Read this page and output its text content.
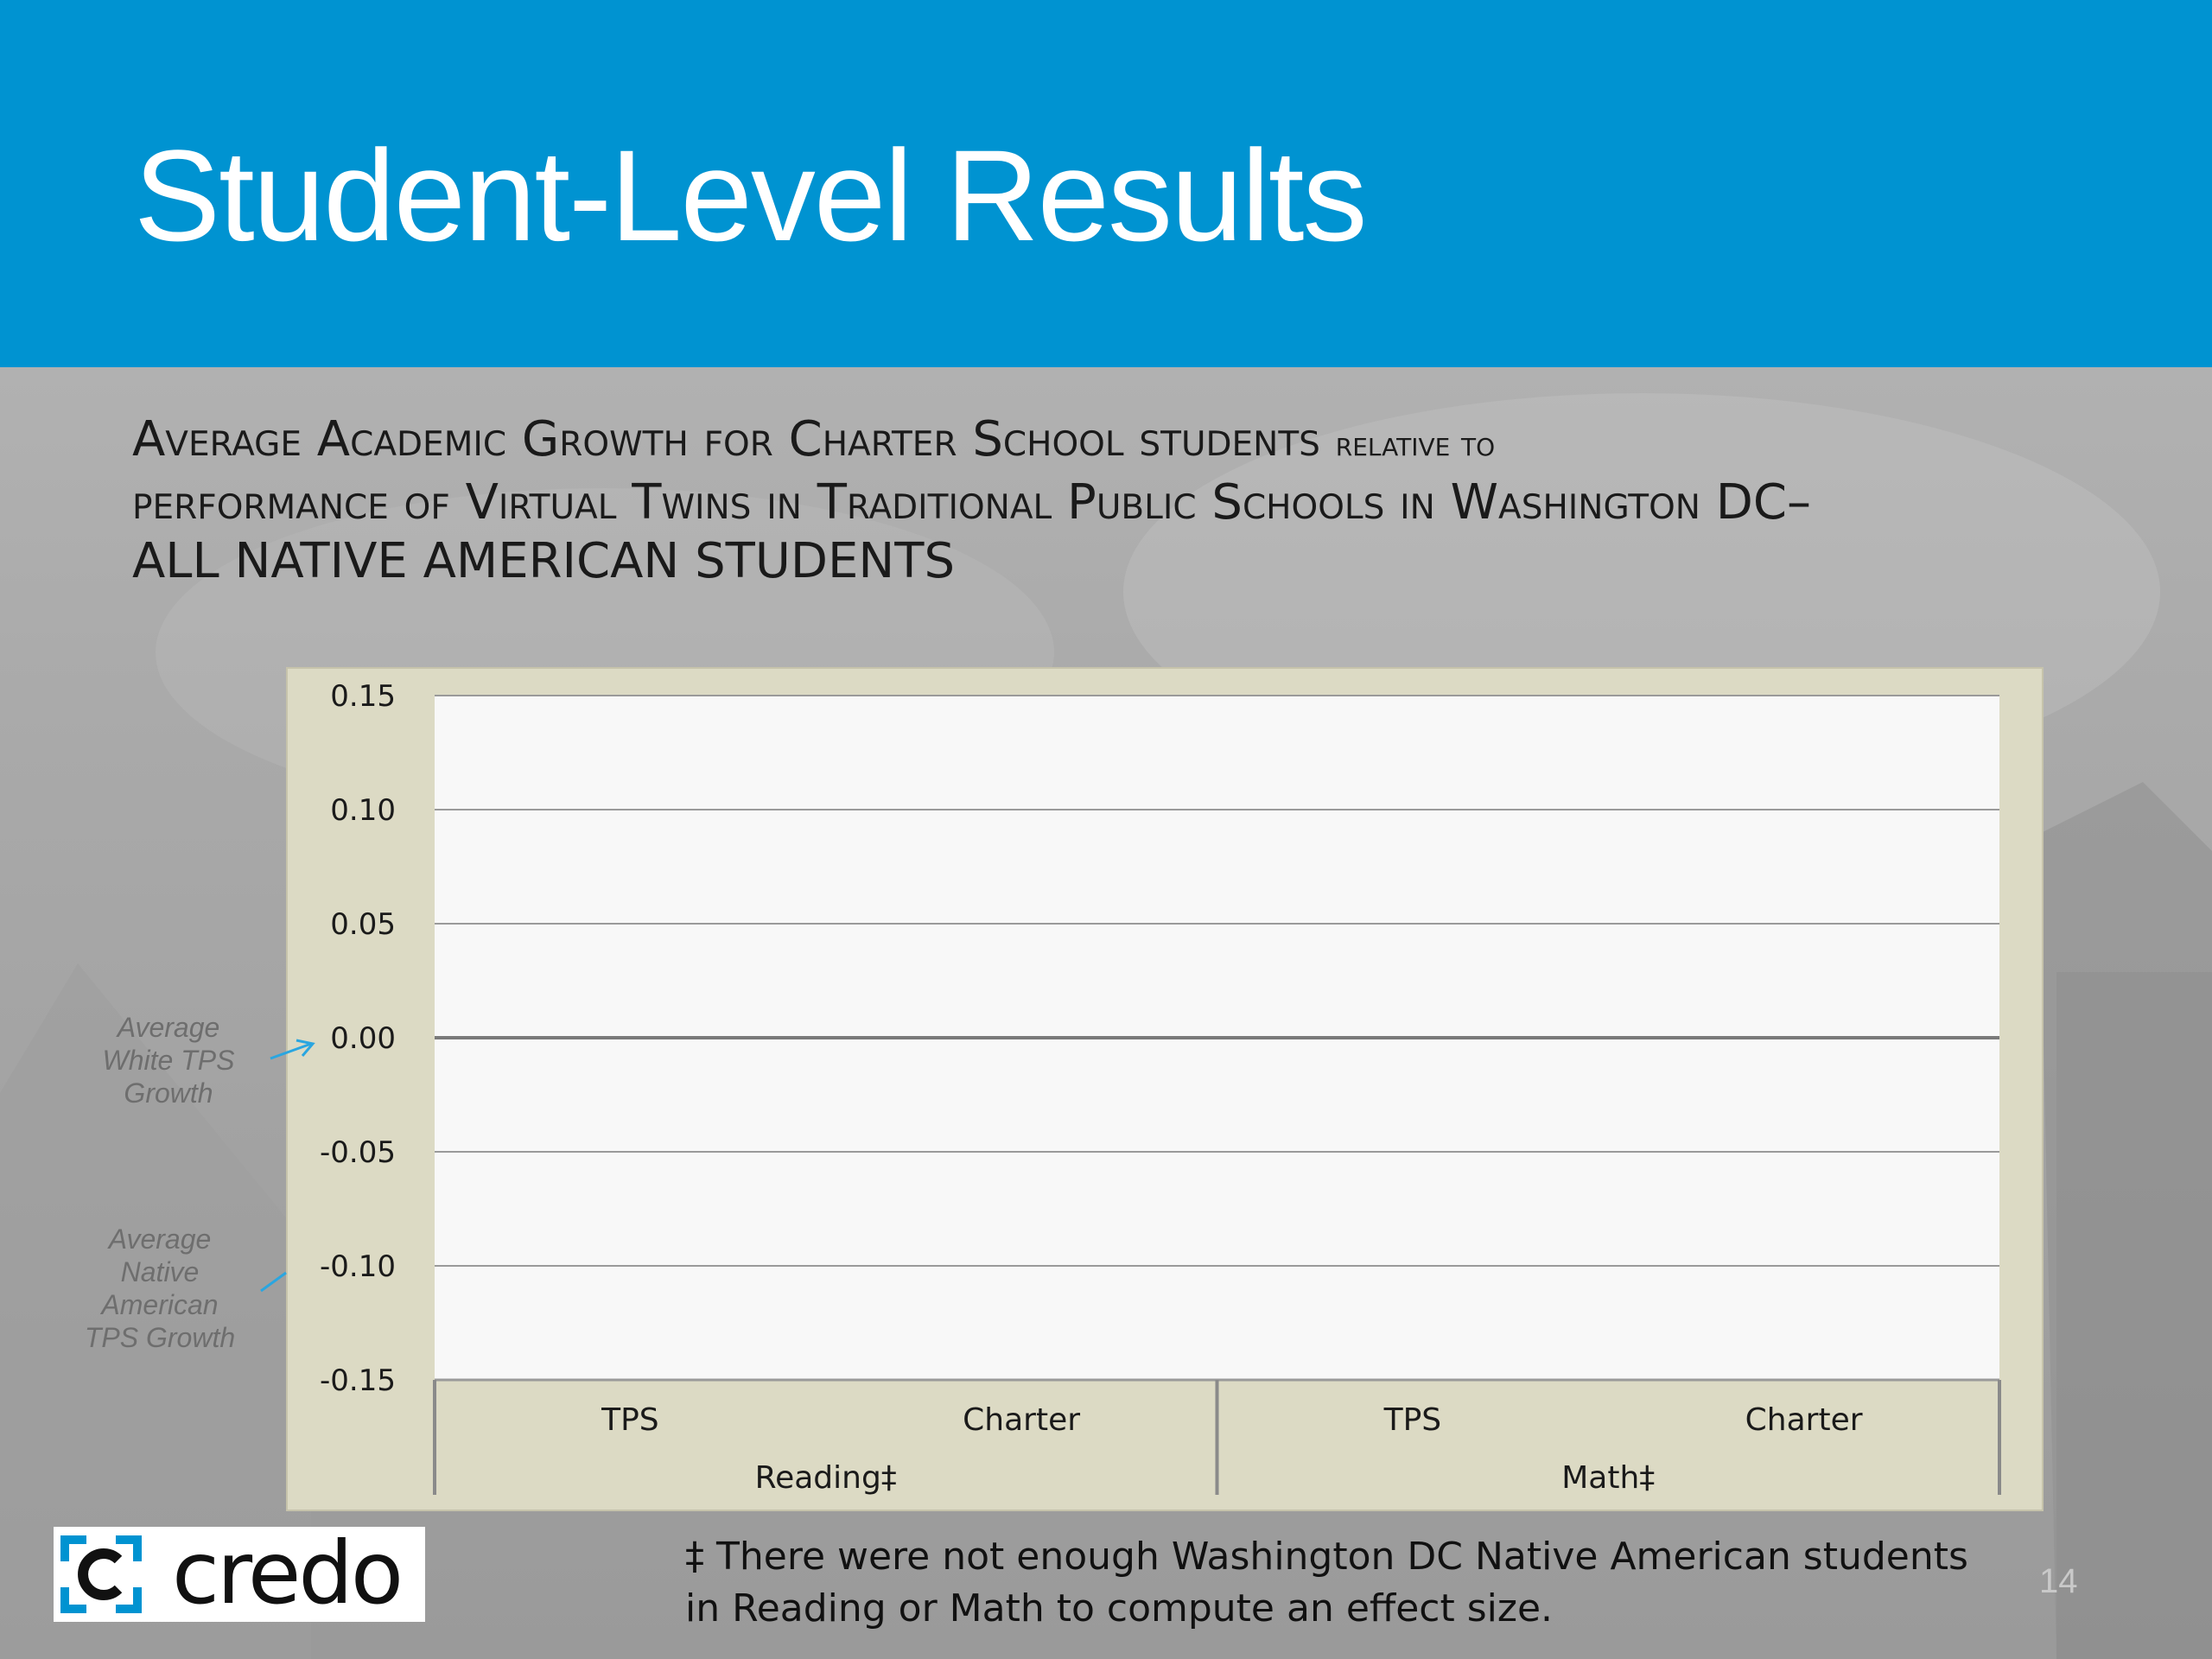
Student-Level Results
Average Academic Growth for Charter School students relative to
performance of Virtual Twins in Traditional Public Schools in Washington DC–
ALL NATIVE AMERICAN STUDENTS
0.15
0.10
0.05
0.00
-0.05
-0.10
-0.15
TPS	Charter
Reading‡
TPS	Charter
Math‡
Average White TPS Growth
Average Native American TPS Growth
credo	‡ There were not enough Washington DC Native American students in Reading or Math to compute an effect size.
14
